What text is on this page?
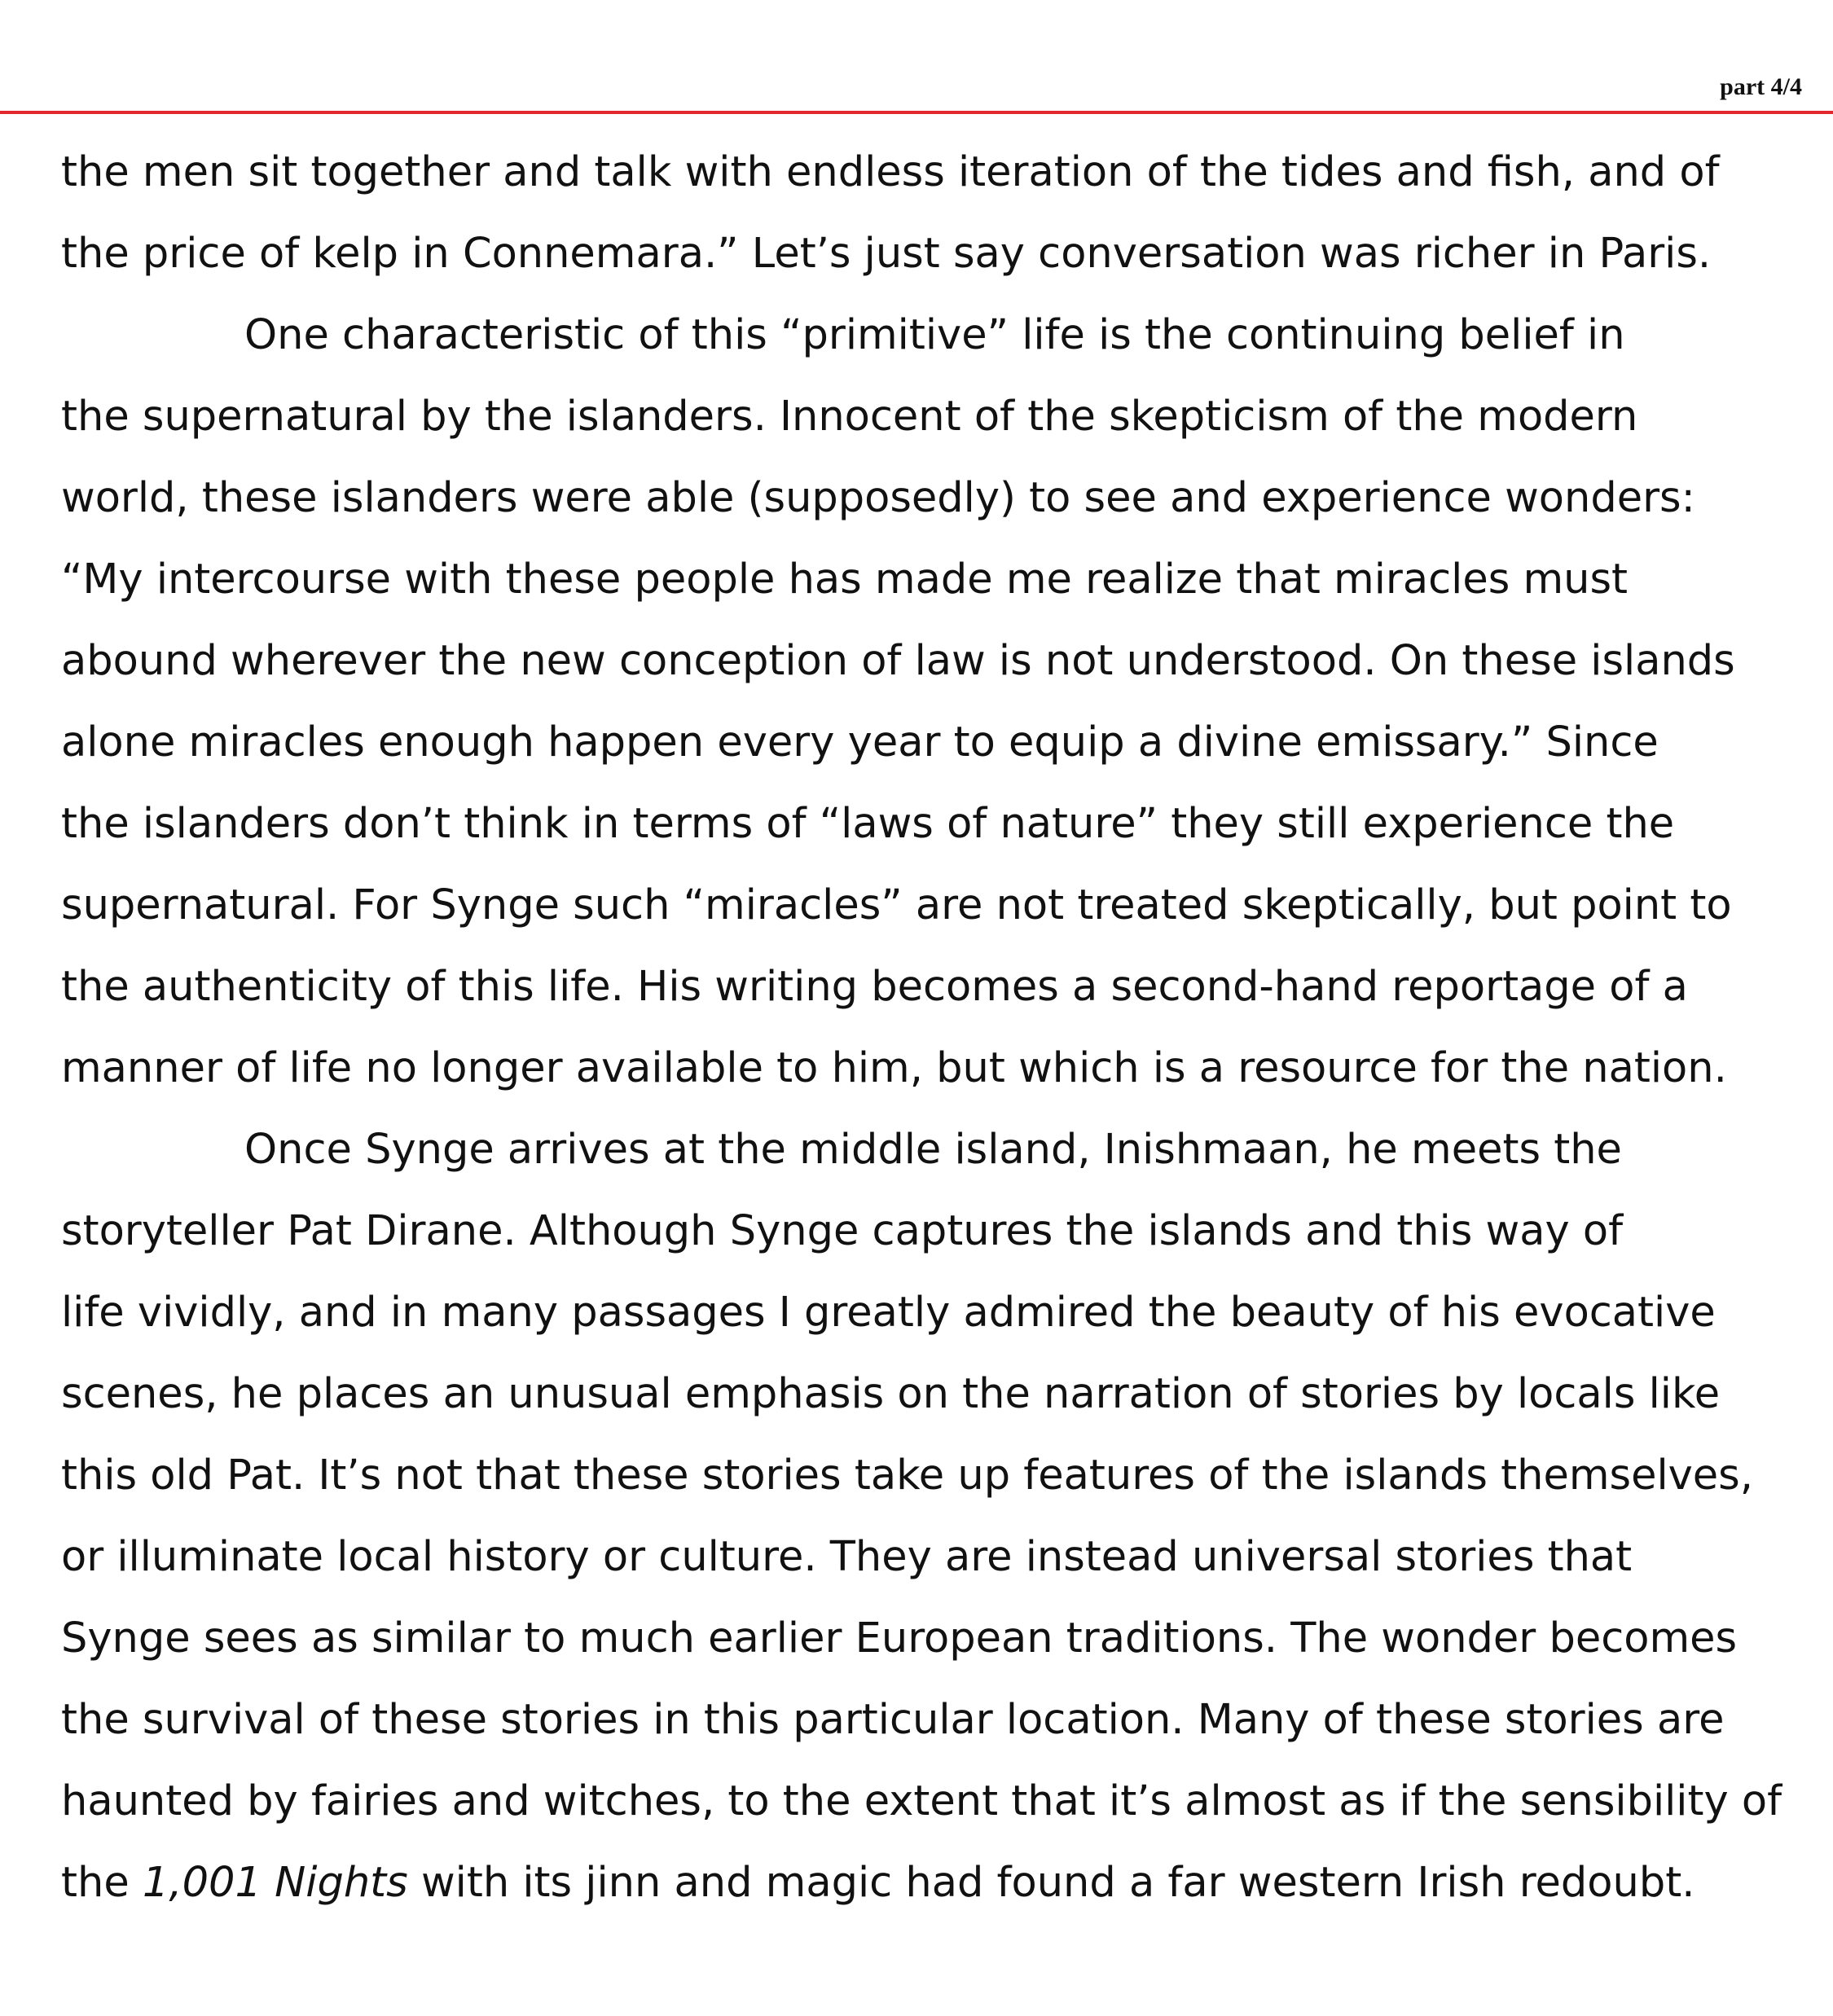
part 4/4
the men sit together and talk with endless iteration of the tides and fish, and of
the price of kelp in Connemara.” Let’s just say conversation was richer in Paris.
One characteristic of this “primitive” life is the continuing belief in
the supernatural by the islanders. Innocent of the skepticism of the modern
world, these islanders were able (supposedly) to see and experience wonders:
“My intercourse with these people has made me realize that miracles must
abound wherever the new conception of law is not understood. On these islands
alone miracles enough happen every year to equip a divine emissary.” Since
the islanders don’t think in terms of “laws of nature” they still experience the
supernatural. For Synge such “miracles” are not treated skeptically, but point to
the authenticity of this life. His writing becomes a second-hand reportage of a
manner of life no longer available to him, but which is a resource for the nation.
Once Synge arrives at the middle island, Inishmaan, he meets the
storyteller Pat Dirane. Although Synge captures the islands and this way of
life vividly, and in many passages I greatly admired the beauty of his evocative
scenes, he places an unusual emphasis on the narration of stories by locals like
this old Pat. It’s not that these stories take up features of the islands themselves,
or illuminate local history or culture. They are instead universal stories that
Synge sees as similar to much earlier European traditions. The wonder becomes
the survival of these stories in this particular location. Many of these stories are
haunted by fairies and witches, to the extent that it’s almost as if the sensibility of
the 1,001 Nights with its jinn and magic had found a far western Irish redoubt.
